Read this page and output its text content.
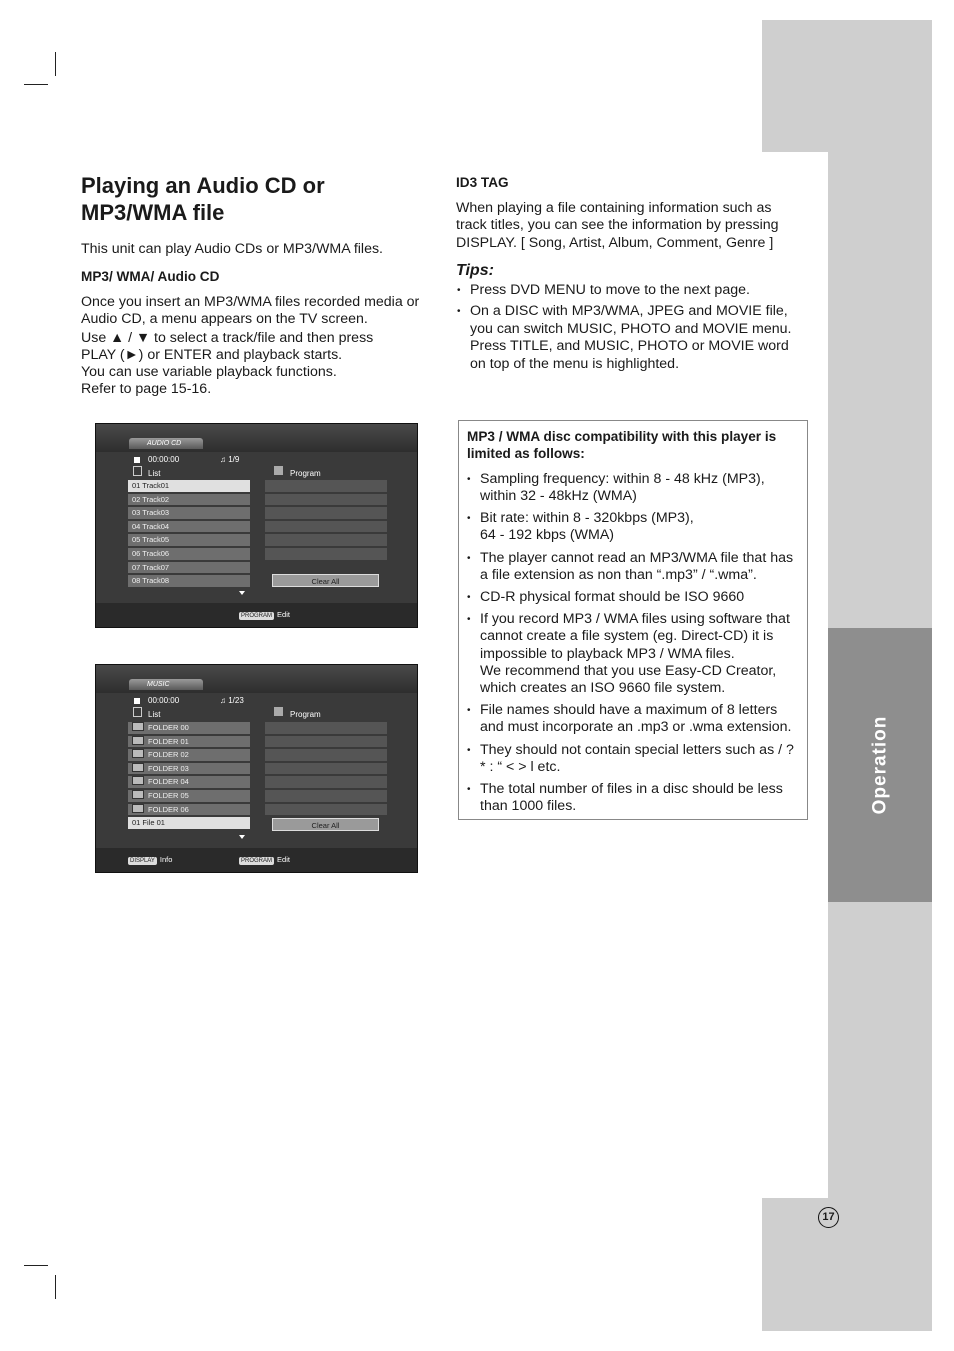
Operation
17
Playing an Audio CD or MP3/WMA file

This unit can play Audio CDs or MP3/WMA files.

MP3/ WMA/ Audio CD

Once you insert an MP3/WMA files recorded media or Audio CD, a menu appears on the TV screen.

Use ▲ / ▼ to select a track/file and then press PLAY (►) or ENTER and playback starts.

You can use variable playback functions.

Refer to page 15-16.

AUDIO CD
00:00:00	♫ 1/9
List	Program
01 Track01
02 Track02
03 Track03
04 Track04
05 Track05
06 Track06
07 Track07
08 Track08	Clear All
PROGRAM Edit
MUSIC
00:00:00	♫ 1/23
List	Program
FOLDER 00
FOLDER 01
FOLDER 02
FOLDER 03
FOLDER 04
FOLDER 05
FOLDER 06
01 File 01	Clear All
DISPLAY Info	PROGRAM Edit

ID3 TAG

When playing a file containing information such as track titles, you can see the information by pressing DISPLAY. [ Song, Artist, Album, Comment, Genre ]

Tips:
• Press DVD MENU to move to the next page.
• On a DISC with MP3/WMA, JPEG and MOVIE file, you can switch MUSIC, PHOTO and MOVIE menu. Press TITLE, and MUSIC, PHOTO or MOVIE word on top of the menu is highlighted.
MP3 / WMA disc compatibility with this player is limited as follows:
• Sampling frequency: within 8 - 48 kHz (MP3), within 32 - 48kHz (WMA)
• Bit rate: within 8 - 320kbps (MP3),
64 - 192 kbps (WMA)
• The player cannot read an MP3/WMA file that has a file extension as non than “.mp3” / “.wma”.
• CD-R physical format should be ISO 9660
• If you record MP3 / WMA files using software that cannot create a file system (eg. Direct-CD) it is impossible to playback MP3 / WMA files.
We recommend that you use Easy-CD Creator, which creates an ISO 9660 file system.
• File names should have a maximum of 8 letters and must incorporate an .mp3 or .wma extension.
• They should not contain special letters such as / ? * : “ < > l etc.
• The total number of files in a disc should be less than 1000 files.
